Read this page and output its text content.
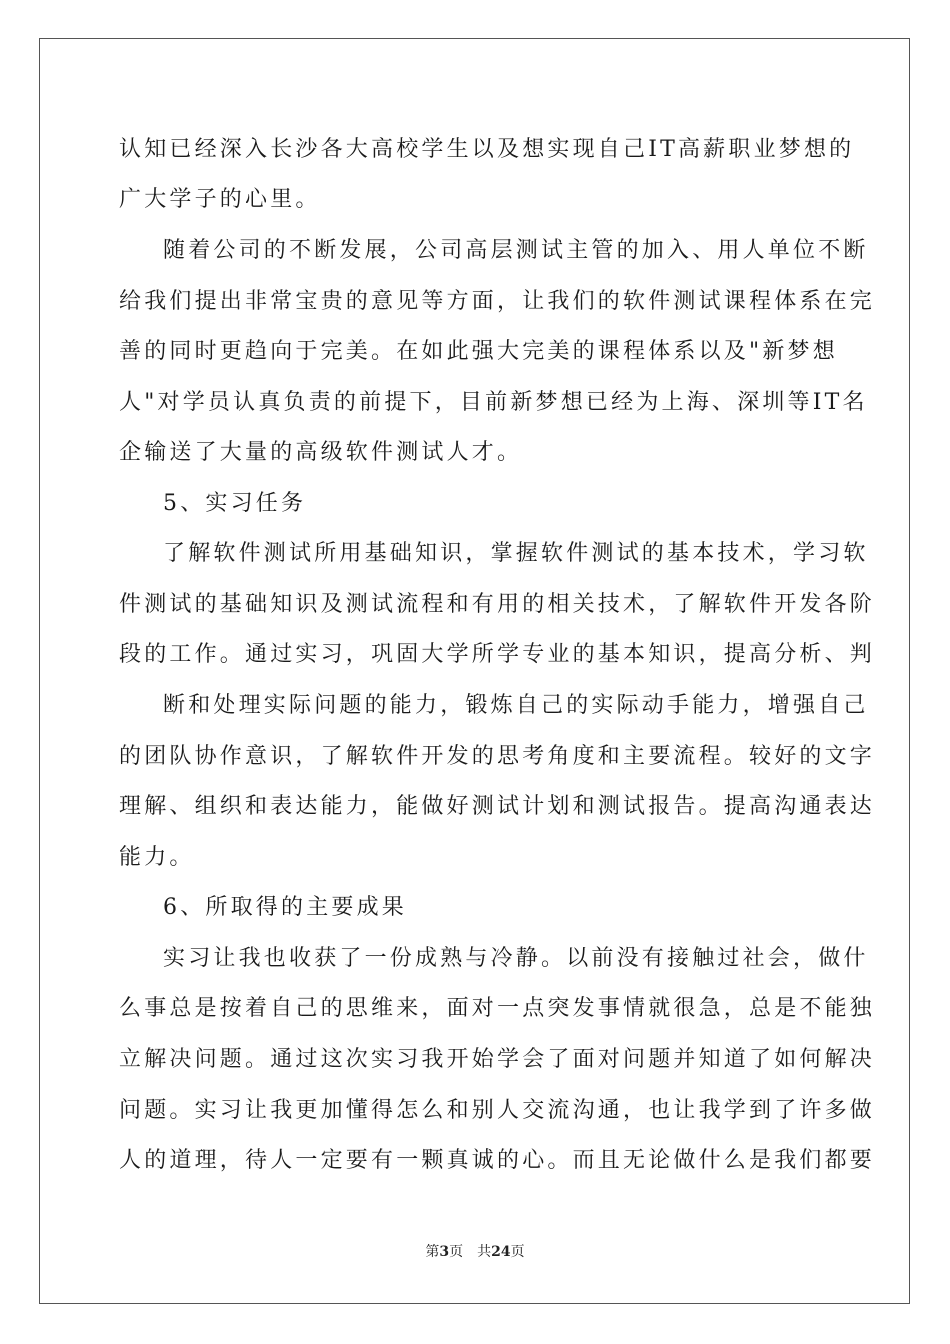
认知已经深入长沙各大高校学生以及想实现自己IT高薪职业梦想的
广大学子的心里。
随着公司的不断发展，公司高层测试主管的加入、用人单位不断
给我们提出非常宝贵的意见等方面，让我们的软件测试课程体系在完
善的同时更趋向于完美。在如此强大完美的课程体系以及"新梦想
人"对学员认真负责的前提下，目前新梦想已经为上海、深圳等IT名
企输送了大量的高级软件测试人才。
5、实习任务
了解软件测试所用基础知识，掌握软件测试的基本技术，学习软
件测试的基础知识及测试流程和有用的相关技术，了解软件开发各阶
段的工作。通过实习，巩固大学所学专业的基本知识，提高分析、判
断和处理实际问题的能力，锻炼自己的实际动手能力，增强自己
的团队协作意识，了解软件开发的思考角度和主要流程。较好的文字
理解、组织和表达能力，能做好测试计划和测试报告。提高沟通表达
能力。
6、所取得的主要成果
实习让我也收获了一份成熟与冷静。以前没有接触过社会，做什
么事总是按着自己的思维来，面对一点突发事情就很急，总是不能独
立解决问题。通过这次实习我开始学会了面对问题并知道了如何解决
问题。实习让我更加懂得怎么和别人交流沟通，也让我学到了许多做
人的道理，待人一定要有一颗真诚的心。而且无论做什么是我们都要
第3页　共24页
